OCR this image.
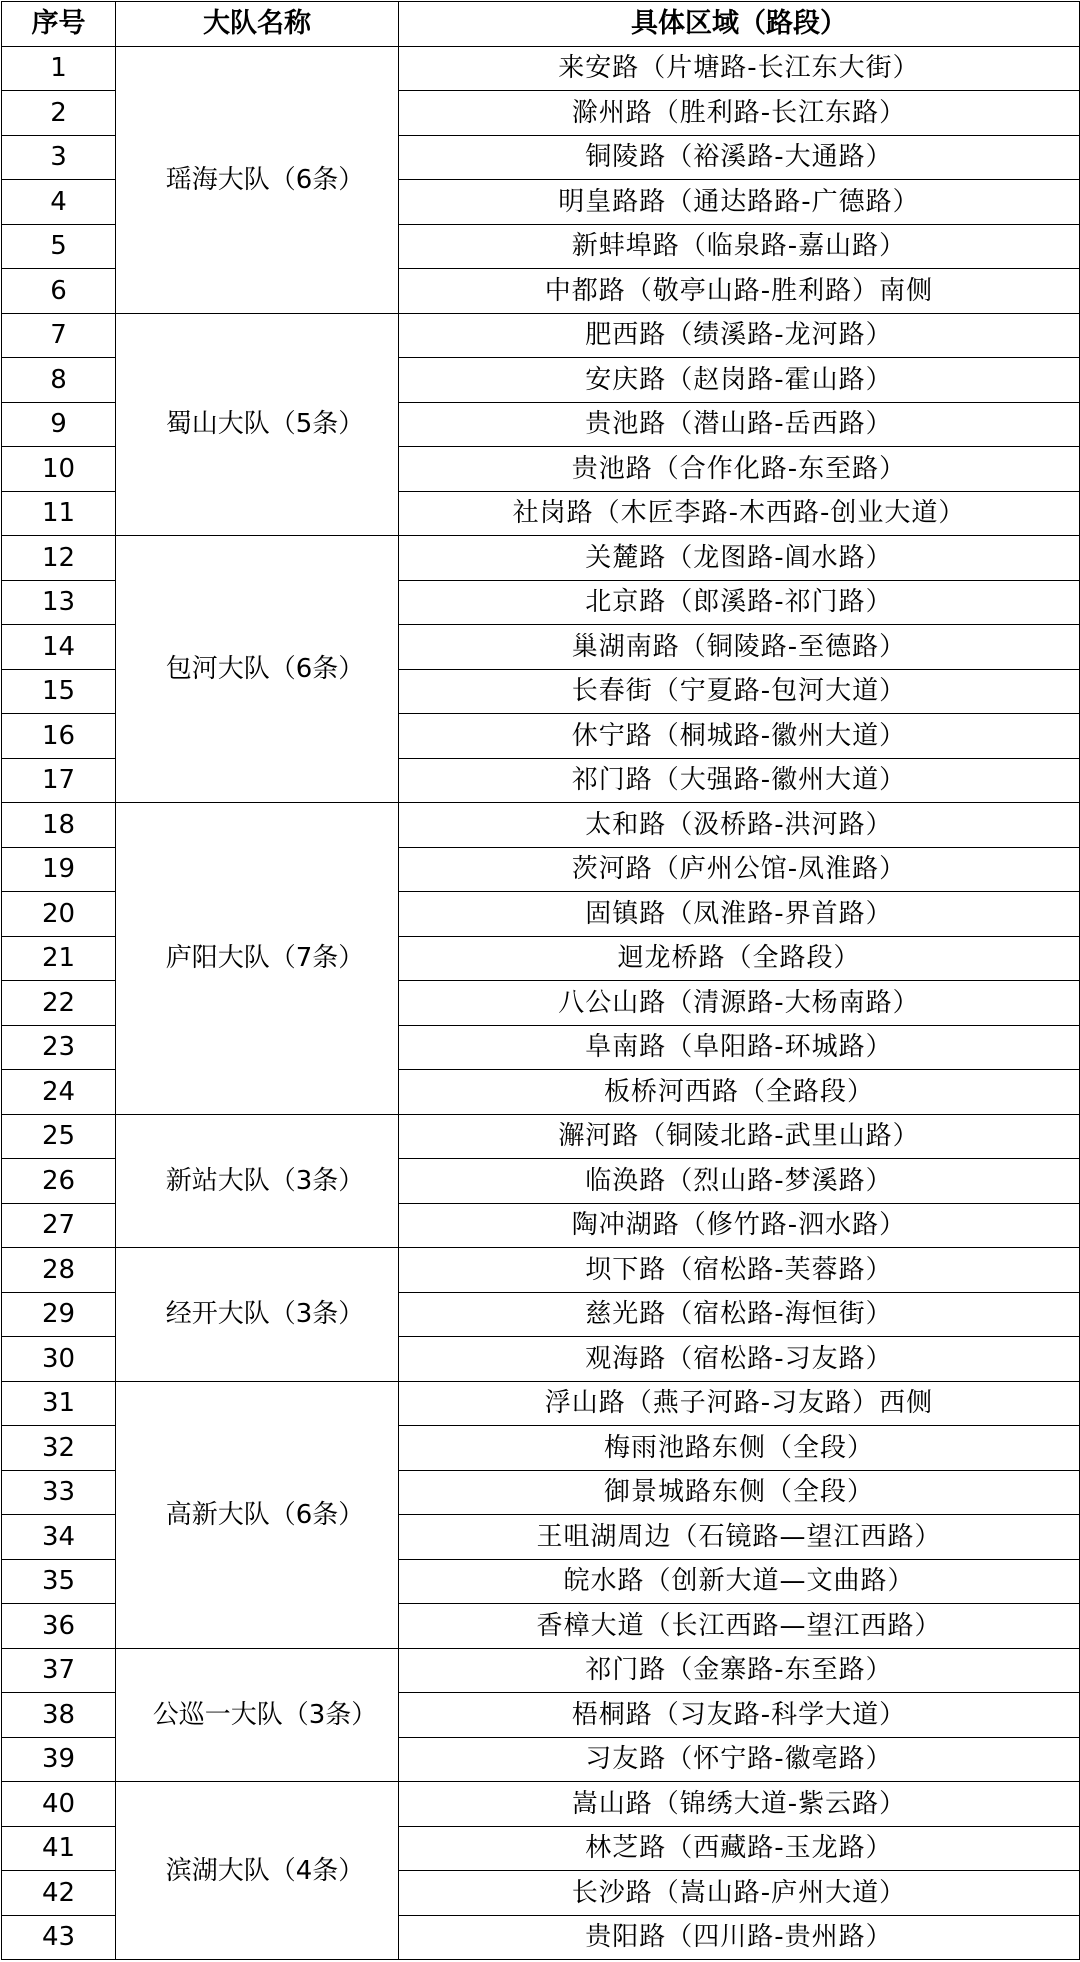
序号	大队名称	具体区域（路段）
1	瑶海大队（6条）	来安路（片塘路-长江东大街）
2		滁州路（胜利路-长江东路）
3		铜陵路（裕溪路-大通路）
4		明皇路路（通达路路-广德路）
5		新蚌埠路（临泉路-嘉山路）
6		中都路（敬亭山路-胜利路）南侧
7	蜀山大队（5条）	肥西路（绩溪路-龙河路）
8		安庆路（赵岗路-霍山路）
9		贵池路（潜山路-岳西路）
10		贵池路（合作化路-东至路）
11		社岗路（木匠李路-木西路-创业大道）
12	包河大队（6条）	关麓路（龙图路-阊水路）
13		北京路（郎溪路-祁门路）
14		巢湖南路（铜陵路-至德路）
15		长春街（宁夏路-包河大道）
16		休宁路（桐城路-徽州大道）
17		祁门路（大强路-徽州大道）
18	庐阳大队（7条）	太和路（汲桥路-洪河路）
19		茨河路（庐州公馆-凤淮路）
20		固镇路（凤淮路-界首路）
21		迴龙桥路（全路段）
22		八公山路（清源路-大杨南路）
23		阜南路（阜阳路-环城路）
24		板桥河西路（全路段）
25	新站大队（3条）	澥河路（铜陵北路-武里山路）
26		临涣路（烈山路-梦溪路）
27		陶冲湖路（修竹路-泗水路）
28	经开大队（3条）	坝下路（宿松路-芙蓉路）
29		慈光路（宿松路-海恒街）
30		观海路（宿松路-习友路）
31	高新大队（6条）	浮山路（燕子河路-习友路）西侧
32		梅雨池路东侧（全段）
33		御景城路东侧（全段）
34		王咀湖周边（石镜路—望江西路）
35		皖水路（创新大道—文曲路）
36		香樟大道（长江西路—望江西路）
37	公巡一大队（3条）	祁门路（金寨路-东至路）
38		梧桐路（习友路-科学大道）
39		习友路（怀宁路-徽亳路）
40	滨湖大队（4条）	嵩山路（锦绣大道-紫云路）
41		林芝路（西藏路-玉龙路）
42		长沙路（嵩山路-庐州大道）
43		贵阳路（四川路-贵州路）
